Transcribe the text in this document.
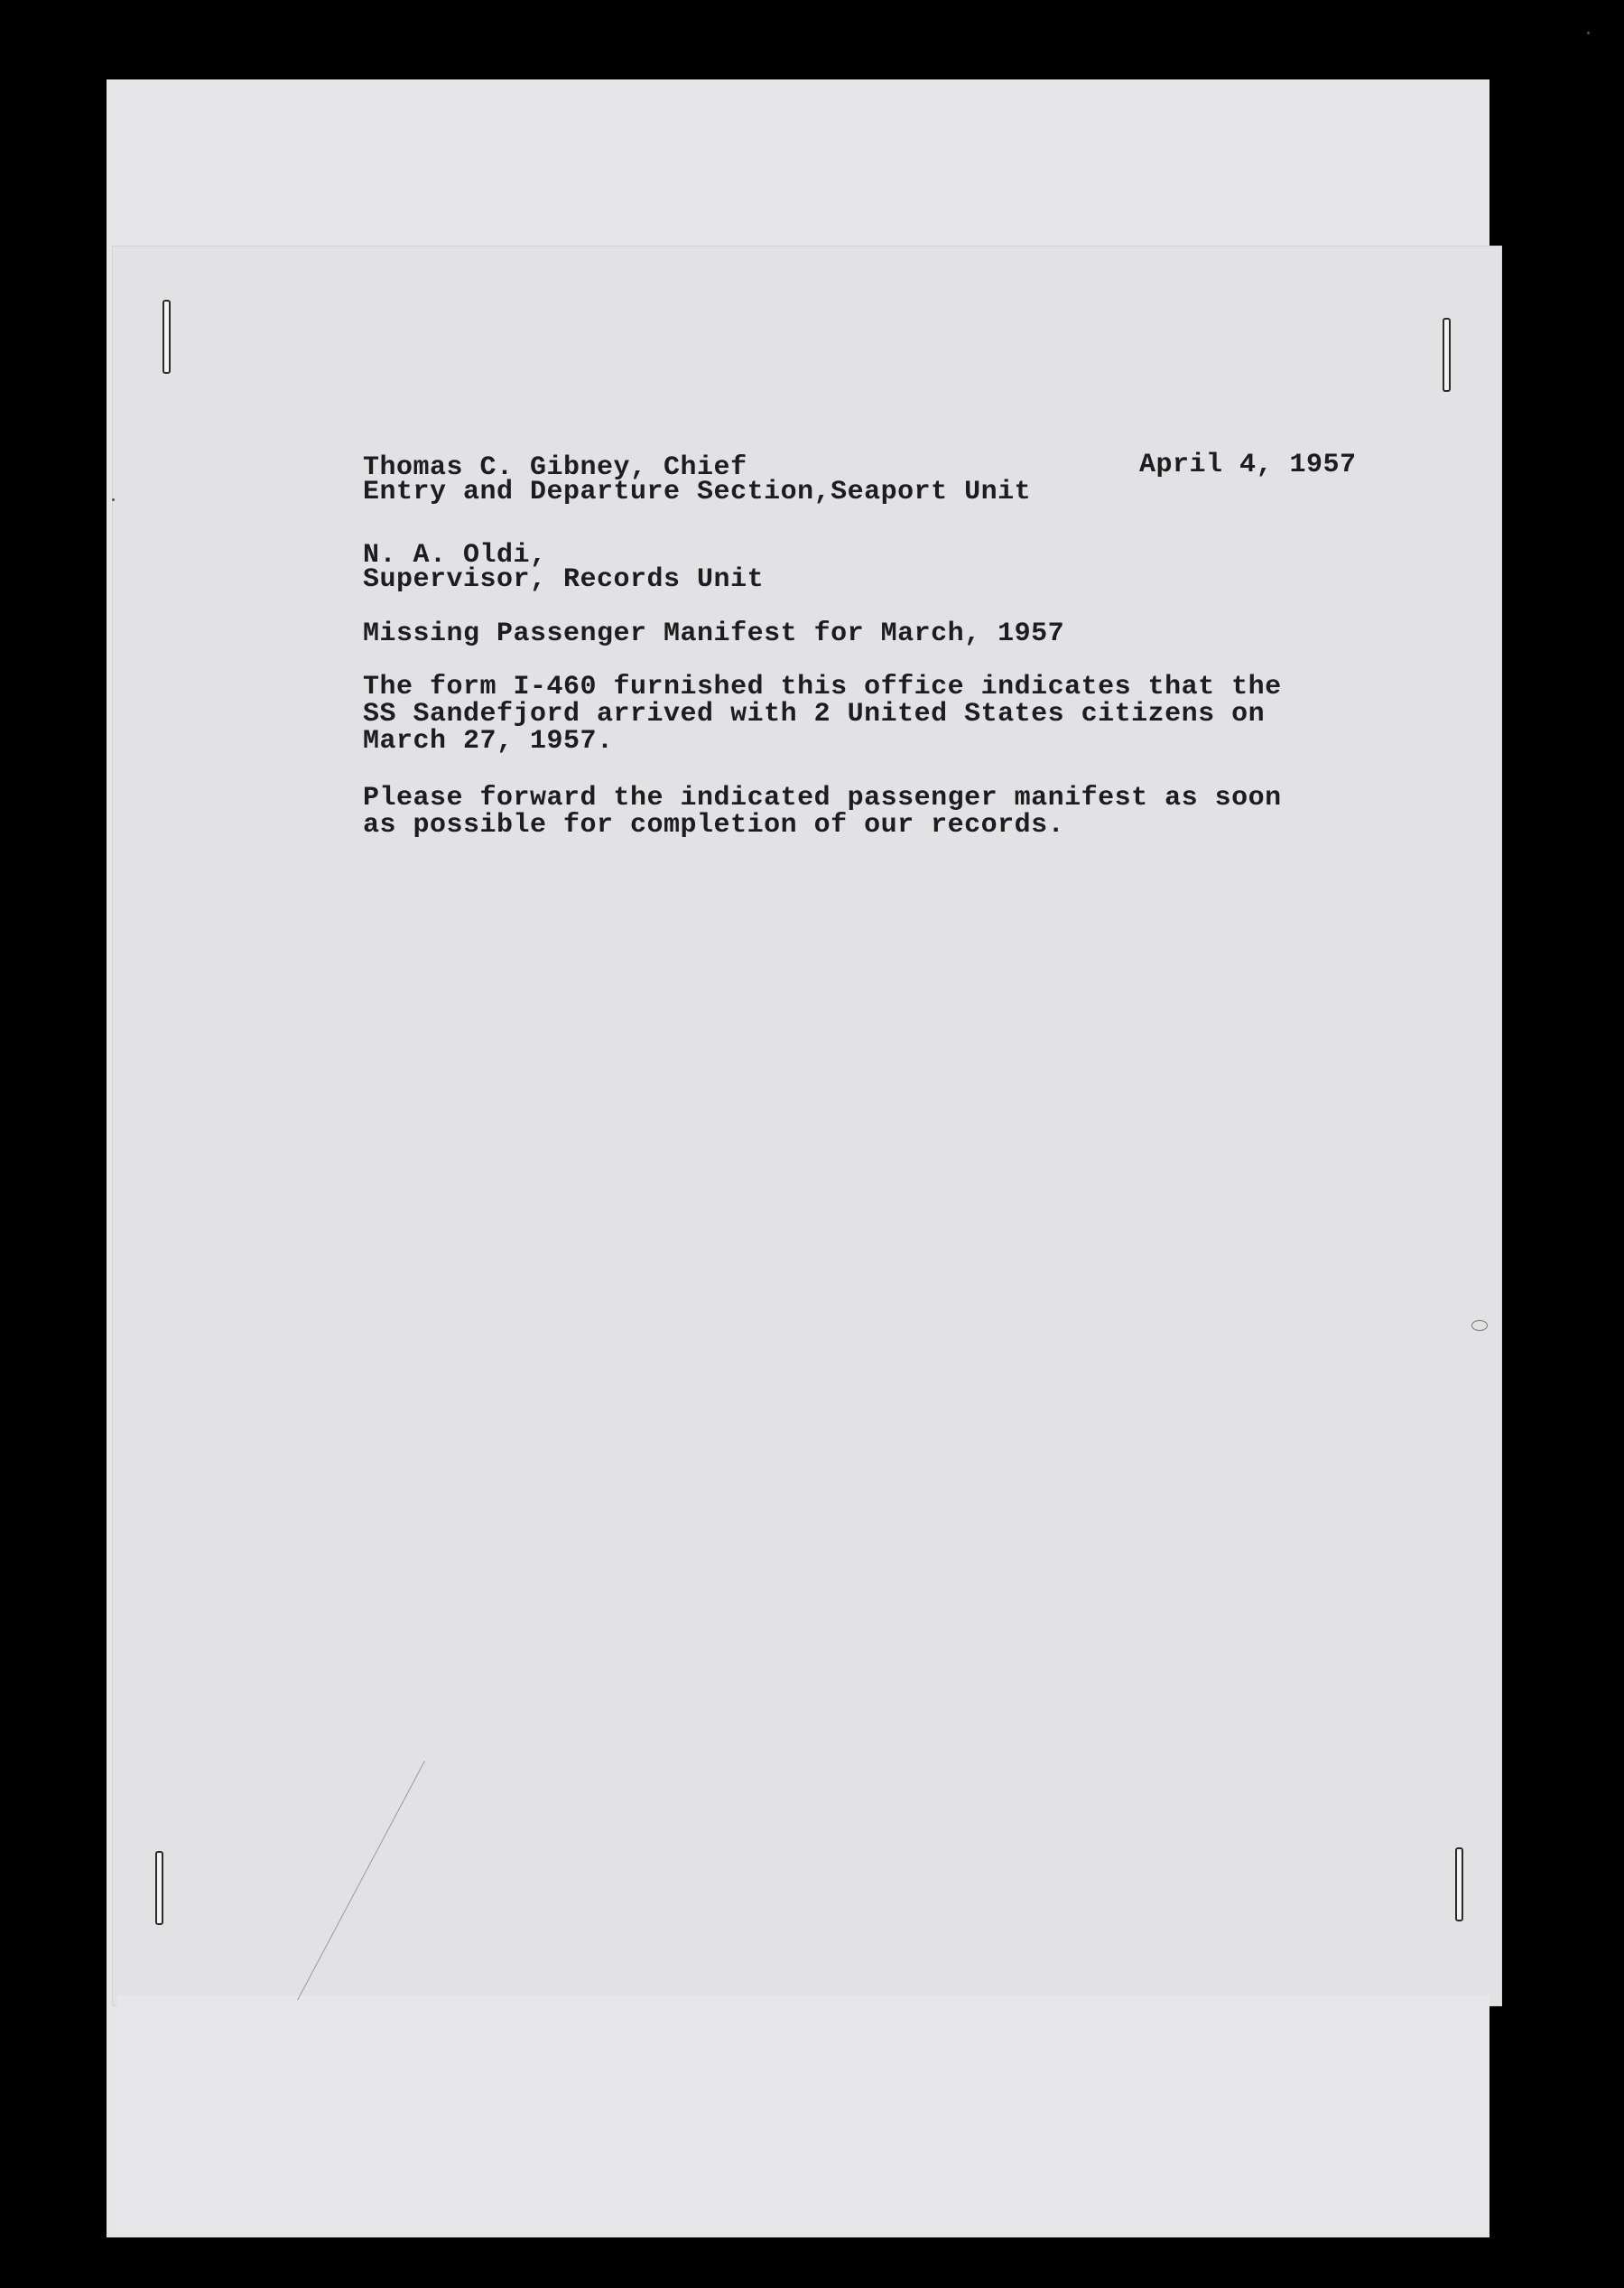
Thomas C. Gibney, Chief
Entry and Departure Section,Seaport Unit
April 4, 1957
N. A. Oldi,
Supervisor, Records Unit
Missing Passenger Manifest for March, 1957
The form I-460 furnished this office indicates that the
SS Sandefjord arrived with 2 United States citizens on
March 27, 1957.
Please forward the indicated passenger manifest as soon
as possible for completion of our records.
